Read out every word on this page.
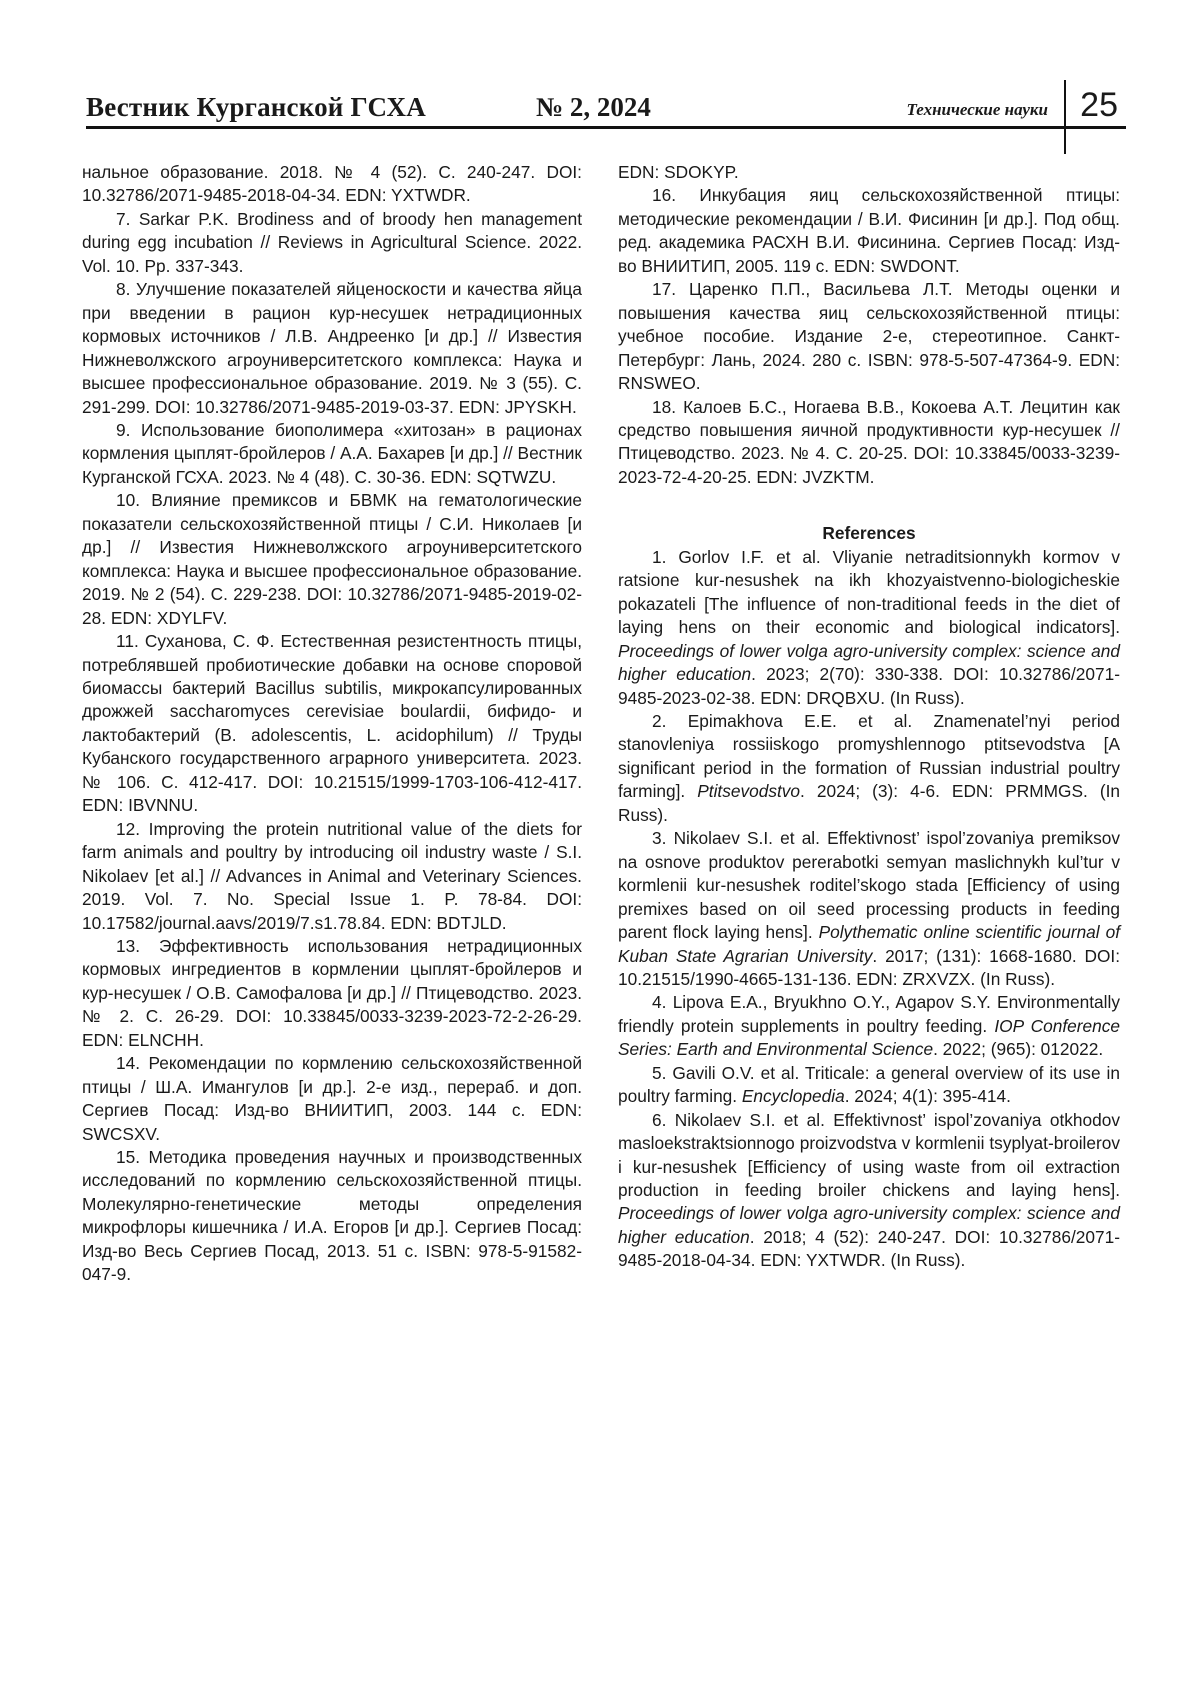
Вестник Курганской ГСХА	№ 2, 2024	Технические науки 25

нальное образование. 2018. № 4 (52). С. 240-247. DOI: 10.32786/2071-9485-2018-04-34. EDN: YXTWDR.

7. Sarkar P.K. Brodiness and of broody hen management during egg incubation // Reviews in Agricultural Science. 2022. Vol. 10. Pp. 337-343.

8. Улучшение показателей яйценоскости и качества яйца при введении в рацион кур-несушек нетрадиционных кормовых источников / Л.В. Андреенко [и др.] // Известия Нижневолжского агроуниверситетского комплекса: Наука и высшее профессиональное образование. 2019. № 3 (55). С. 291-299. DOI: 10.32786/2071-9485-2019-03-37. EDN: JPYSKH.

9. Использование биополимера «хитозан» в рационах кормления цыплят-бройлеров / А.А. Бахарев [и др.] // Вестник Курганской ГСХА. 2023. № 4 (48). С. 30-36. EDN: SQTWZU.

10. Влияние премиксов и БВМК на гематологические показатели сельскохозяйственной птицы / С.И. Николаев [и др.] // Известия Нижневолжского агроуниверситетского комплекса: Наука и высшее профессиональное образование. 2019. № 2 (54). С. 229-238. DOI: 10.32786/2071-9485-2019-02-28. EDN: XDYLFV.

11. Суханова, С. Ф. Естественная резистентность птицы, потреблявшей пробиотические добавки на основе споровой биомассы бактерий Bacillus subtilis, микрокапсулированных дрожжей saccharomyces cerevisiae boulardii, бифидо- и лактобактерий (B. adolescentis, L. acidophilum) // Труды Кубанского государственного аграрного университета. 2023. № 106. С. 412-417. DOI: 10.21515/1999-1703-106-412-417. EDN: IBVNNU.

12. Improving the protein nutritional value of the diets for farm animals and poultry by introducing oil industry waste / S.I. Nikolaev [et al.] // Advances in Animal and Veterinary Sciences. 2019. Vol. 7. No. Special Issue 1. P. 78-84. DOI: 10.17582/journal.aavs/2019/7.s1.78.84. EDN: BDTJLD.

13. Эффективность использования нетрадиционных кормовых ингредиентов в кормлении цыплят-бройлеров и кур-несушек / О.В. Самофалова [и др.] // Птицеводство. 2023. № 2. С. 26-29. DOI: 10.33845/0033-3239-2023-72-2-26-29. EDN: ELNCHH.

14. Рекомендации по кормлению сельскохозяйственной птицы / Ш.А. Имангулов [и др.]. 2-е изд., перераб. и доп. Сергиев Посад: Изд-во ВНИИТИП, 2003. 144 с. EDN: SWCSXV.

15. Методика проведения научных и производственных исследований по кормлению сельскохозяйственной птицы. Молекулярно-генетические методы определения микрофлоры кишечника / И.А. Егоров [и др.]. Сергиев Посад: Изд-во Весь Сергиев Посад, 2013. 51 с. ISBN: 978-5-91582-047-9.

EDN: SDOKYP.

16. Инкубация яиц сельскохозяйственной птицы: методические рекомендации / В.И. Фисинин [и др.]. Под общ. ред. академика РАСХН В.И. Фисинина. Сергиев Посад: Изд-во ВНИИТИП, 2005. 119 с. EDN: SWDONT.

17. Царенко П.П., Васильева Л.Т. Методы оценки и повышения качества яиц сельскохозяйственной птицы: учебное пособие. Издание 2-е, стереотипное. Санкт-Петербург: Лань, 2024. 280 с. ISBN: 978-5-507-47364-9. EDN: RNSWEO.

18. Калоев Б.С., Ногаева В.В., Кокоева А.Т. Лецитин как средство повышения яичной продуктивности кур-несушек // Птицеводство. 2023. № 4. С. 20-25. DOI: 10.33845/0033-3239-2023-72-4-20-25. EDN: JVZKTM.

References

1. Gorlov I.F. et al. Vliyanie netraditsionnykh kormov v ratsione kur-nesushek na ikh khozyaistvenno-biologicheskie pokazateli [The influence of non-traditional feeds in the diet of laying hens on their economic and biological indicators]. Proceedings of lower volga agro-university complex: science and higher education. 2023; 2(70): 330-338. DOI: 10.32786/2071-9485-2023-02-38. EDN: DRQBXU. (In Russ).

2. Epimakhova E.E. et al. Znamenatel’nyi period stanovleniya rossiiskogo promyshlennogo ptitsevodstva [A significant period in the formation of Russian industrial poultry farming]. Ptitsevodstvo. 2024; (3): 4-6. EDN: PRMMGS. (In Russ).

3. Nikolaev S.I. et al. Effektivnost’ ispol’zovaniya premiksov na osnove produktov pererabotki semyan maslichnykh kul’tur v kormlenii kur-nesushek roditel’skogo stada [Efficiency of using premixes based on oil seed processing products in feeding parent flock laying hens]. Polythematic online scientific journal of Kuban State Agrarian University. 2017; (131): 1668-1680. DOI: 10.21515/1990-4665-131-136. EDN: ZRXVZX. (In Russ).

4. Lipova E.A., Bryukhno O.Y., Agapov S.Y. Environmentally friendly protein supplements in poultry feeding. IOP Conference Series: Earth and Environmental Science. 2022; (965): 012022.

5. Gavili O.V. et al. Triticale: a general overview of its use in poultry farming. Encyclopedia. 2024; 4(1): 395-414.

6. Nikolaev S.I. et al. Effektivnost’ ispol’zovaniya otkhodov masloekstraktsionnogo proizvodstva v kormlenii tsyplyat-broilerov i kur-nesushek [Efficiency of using waste from oil extraction production in feeding broiler chickens and laying hens]. Proceedings of lower volga agro-university complex: science and higher education. 2018; 4 (52): 240-247. DOI: 10.32786/2071-9485-2018-04-34. EDN: YXTWDR. (In Russ).
